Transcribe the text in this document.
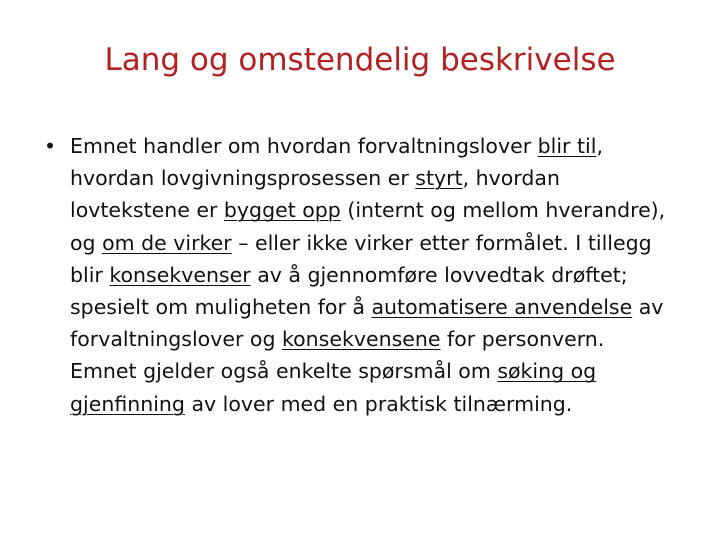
Lang og omstendelig beskrivelse
• Emnet handler om hvordan forvaltningslover blir til, hvordan lovgivningsprosessen er styrt, hvordan lovtekstene er bygget opp (internt og mellom hverandre), og om de virker – eller ikke virker etter formålet. I tillegg blir konsekvenser av å gjennomføre lovvedtak drøftet; spesielt om muligheten for å automatisere anvendelse av forvaltningslover og konsekvensene for personvern. Emnet gjelder også enkelte spørsmål om søking og gjenfinning av lover med en praktisk tilnærming.
